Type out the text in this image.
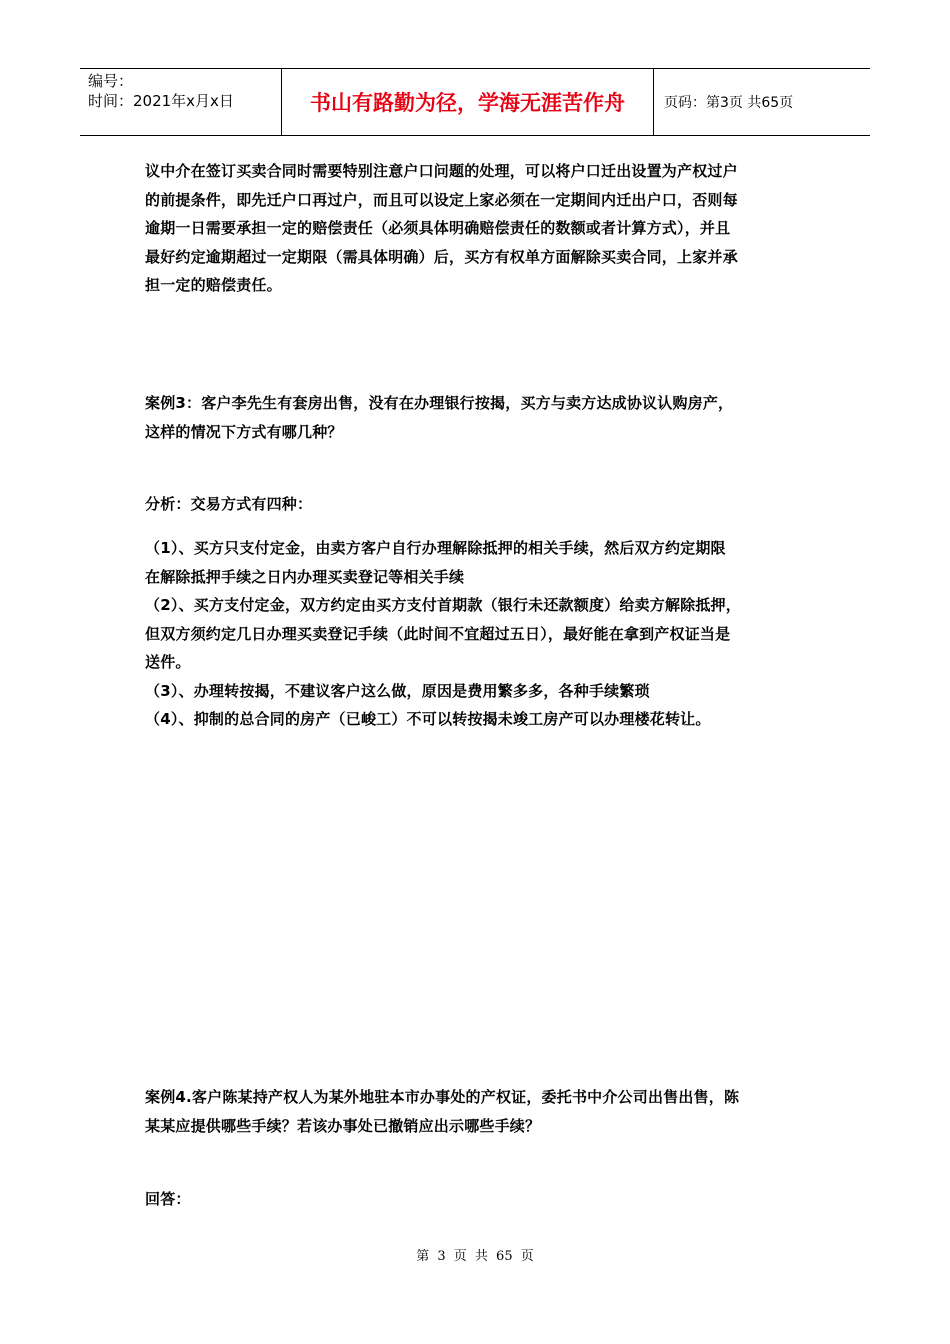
编号：
时间：2021年x月x日	书山有路勤为径，学海无涯苦作舟	页码：第3页 共65页

议中介在签订买卖合同时需要特别注意户口问题的处理，可以将户口迁出设置为产权过户

的前提条件，即先迁户口再过户，而且可以设定上家必须在一定期间内迁出户口，否则每

逾期一日需要承担一定的赔偿责任（必须具体明确赔偿责任的数额或者计算方式），并且

最好约定逾期超过一定期限（需具体明确）后，买方有权单方面解除买卖合同，上家并承

担一定的赔偿责任。

案例3：客户李先生有套房出售，没有在办理银行按揭，买方与卖方达成协议认购房产，

这样的情况下方式有哪几种？

分析：交易方式有四种：

（1）、买方只支付定金，由卖方客户自行办理解除抵押的相关手续，然后双方约定期限

在解除抵押手续之日内办理买卖登记等相关手续

（2）、买方支付定金，双方约定由买方支付首期款（银行未还款额度）给卖方解除抵押，

但双方须约定几日办理买卖登记手续（此时间不宜超过五日），最好能在拿到产权证当是

送件。

（3）、办理转按揭，不建议客户这么做，原因是费用繁多多，各种手续繁琐

（4）、抑制的总合同的房产（已峻工）不可以转按揭未竣工房产可以办理楼花转让。

案例4.客户陈某持产权人为某外地驻本市办事处的产权证，委托书中介公司出售出售，陈

某某应提供哪些手续？若该办事处已撤销应出示哪些手续？

回答：

第 3 页 共 65 页
